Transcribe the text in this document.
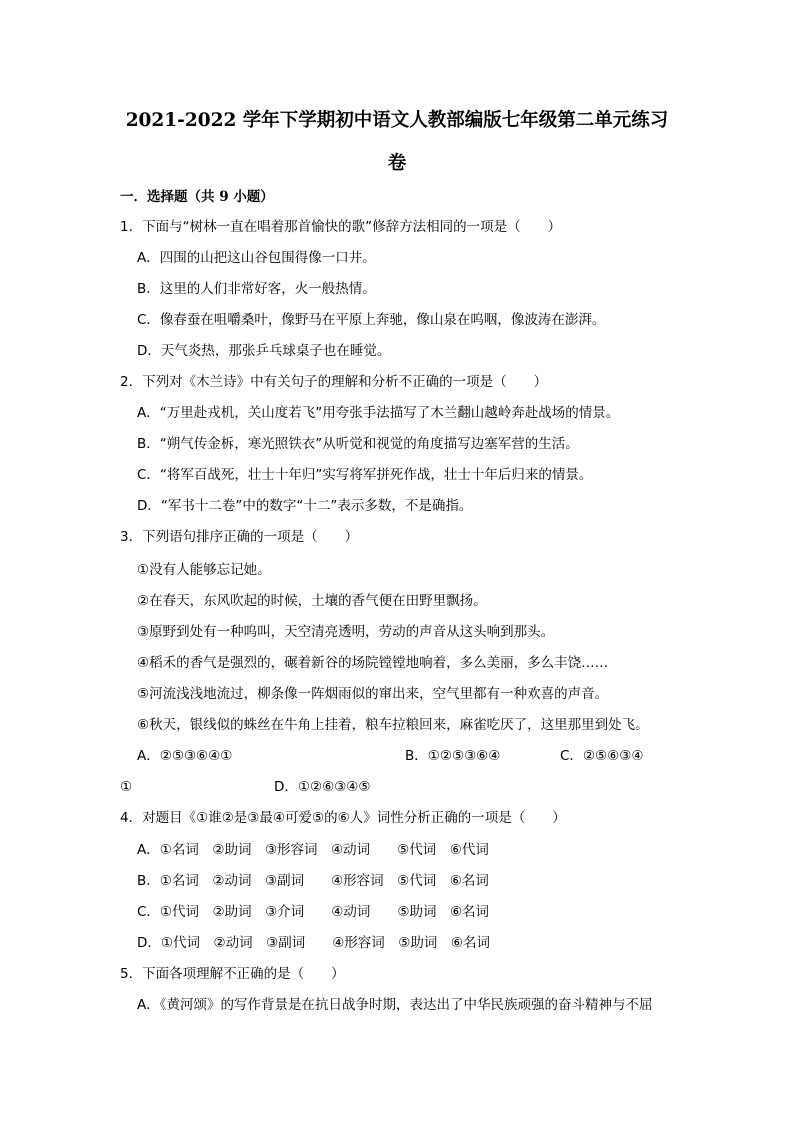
2021-2022 学年下学期初中语文人教部编版七年级第二单元练习
卷
一．选择题（共 9 小题）
1．下面与“树林一直在唱着那首愉快的歌”修辞方法相同的一项是（　　）
A．四围的山把这山谷包围得像一口井。
B．这里的人们非常好客，火一般热情。
C．像春蚕在咀嚼桑叶，像野马在平原上奔驰，像山泉在呜咽，像波涛在澎湃。
D．天气炎热，那张乒乓球桌子也在睡觉。
2．下列对《木兰诗》中有关句子的理解和分析不正确的一项是（　　）
A．“万里赴戎机，关山度若飞”用夸张手法描写了木兰翻山越岭奔赴战场的情景。
B．“朔气传金柝，寒光照铁衣”从听觉和视觉的角度描写边塞军营的生活。
C．“将军百战死，壮士十年归”实写将军拼死作战，壮士十年后归来的情景。
D．“军书十二卷”中的数字“十二”表示多数，不是确指。
3．下列语句排序正确的一项是（　　）
①没有人能够忘记她。
②在春天，东风吹起的时候，土壤的香气便在田野里飘扬。
③原野到处有一种呜叫，天空清亮透明，劳动的声音从这头响到那头。
④稻禾的香气是强烈的，碾着新谷的场院镗镗地响着，多么美丽，多么丰饶……
⑤河流浅浅地流过，柳条像一阵烟雨似的窜出来，空气里都有一种欢喜的声音。
⑥秋天，银线似的蛛丝在牛角上挂着，粮车拉粮回来，麻雀吃厌了，这里那里到处飞。
A．②⑤③⑥④①	B．①②⑤③⑥④	C．②⑤⑥③④
①	D．①②⑥③④⑤
4．对题目《①谁②是③最④可爱⑤的⑥人》词性分析正确的一项是（　　）
A．①名词　②助词　③形容词　④动词　　⑤代词　⑥代词
B．①名词　②动词　③副词　　④形容词　⑤代词　⑥名词
C．①代词　②助词　③介词　　④动词　　⑤助词　⑥名词
D．①代词　②动词　③副词　　④形容词　⑤助词　⑥名词
5．下面各项理解不正确的是（　　）
A．《黄河颂》的写作背景是在抗日战争时期，表达出了中华民族顽强的奋斗精神与不屈
